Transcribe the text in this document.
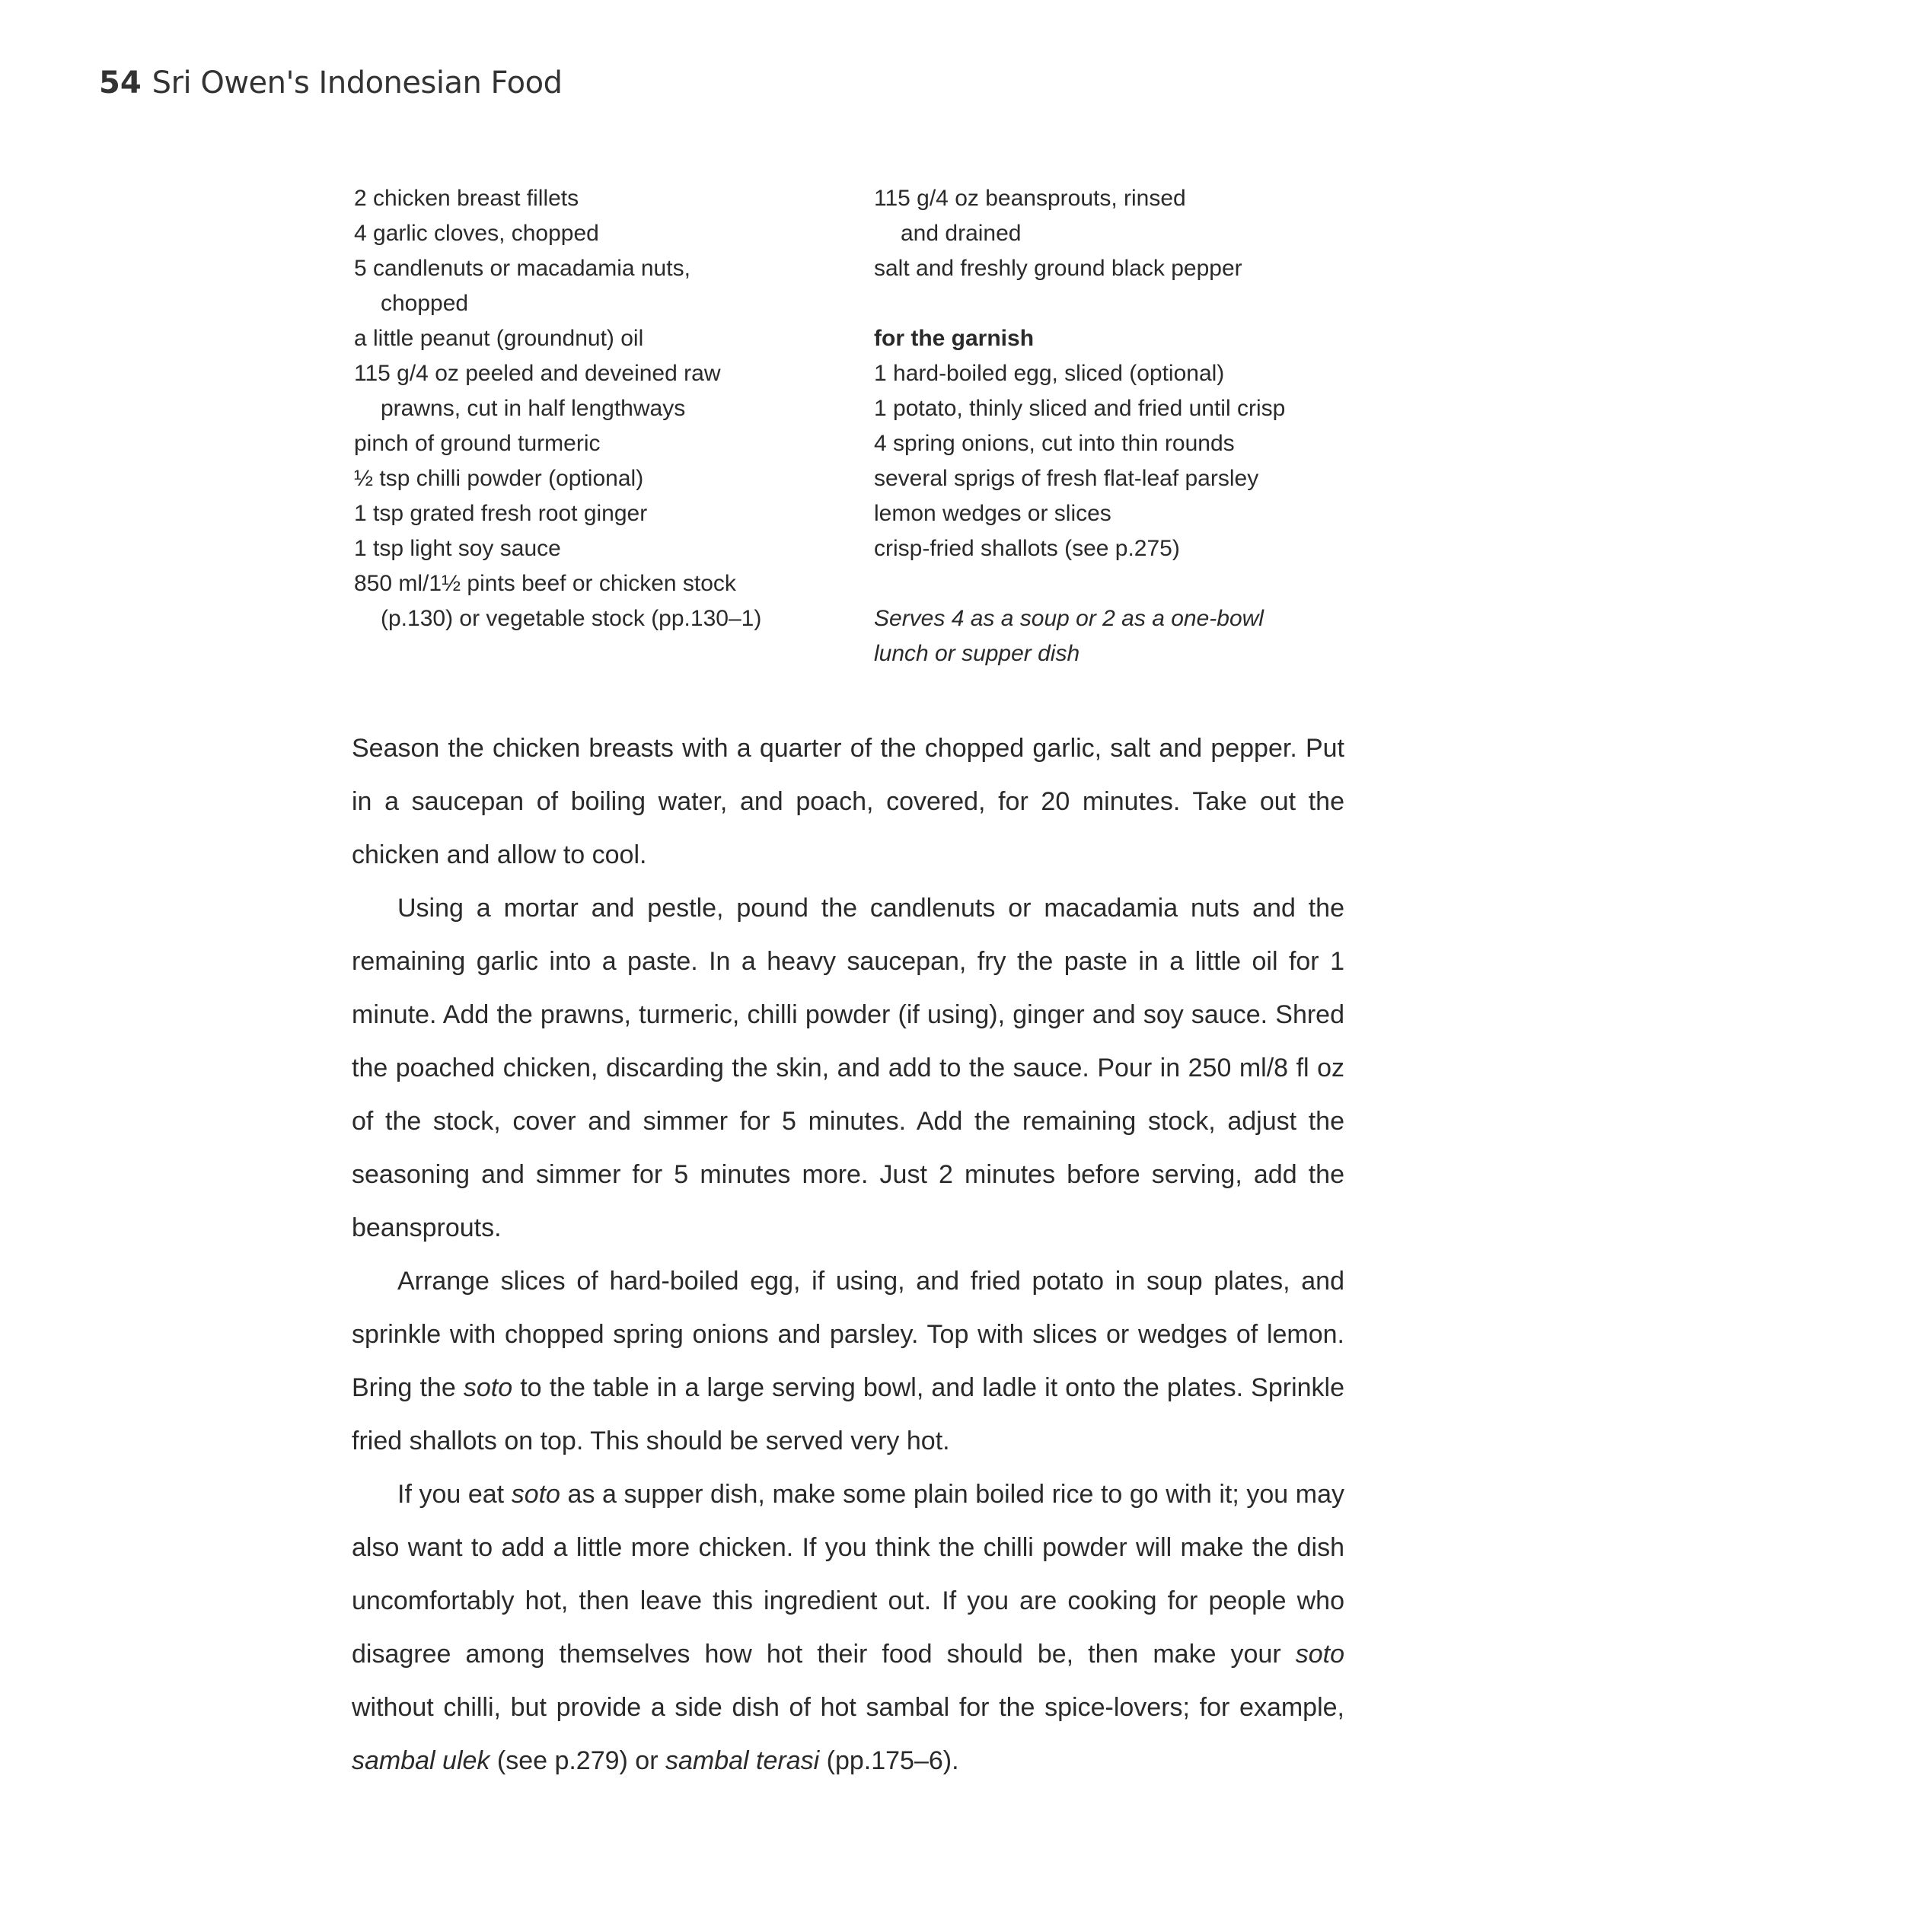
54 Sri Owen's Indonesian Food
2 chicken breast fillets
4 garlic cloves, chopped
5 candlenuts or macadamia nuts,
chopped
a little peanut (groundnut) oil
115 g/4 oz peeled and deveined raw
prawns, cut in half lengthways
pinch of ground turmeric
½ tsp chilli powder (optional)
1 tsp grated fresh root ginger
1 tsp light soy sauce
850 ml/1½ pints beef or chicken stock
(p.130) or vegetable stock (pp.130–1)
115 g/4 oz beansprouts, rinsed
and drained
salt and freshly ground black pepper
for the garnish
1 hard-boiled egg, sliced (optional)
1 potato, thinly sliced and fried until crisp
4 spring onions, cut into thin rounds
several sprigs of fresh flat-leaf parsley
lemon wedges or slices
crisp-fried shallots (see p.275)
Serves 4 as a soup or 2 as a one-bowl
lunch or supper dish

Season the chicken breasts with a quarter of the chopped garlic, salt and pepper. Put in a saucepan of boiling water, and poach, covered, for 20 minutes. Take out the chicken and allow to cool.

Using a mortar and pestle, pound the candlenuts or macadamia nuts and the remaining garlic into a paste. In a heavy saucepan, fry the paste in a little oil for 1 minute. Add the prawns, turmeric, chilli powder (if using), ginger and soy sauce. Shred the poached chicken, discarding the skin, and add to the sauce. Pour in 250 ml/8 fl oz of the stock, cover and simmer for 5 minutes. Add the remaining stock, adjust the seasoning and simmer for 5 minutes more. Just 2 minutes before serving, add the beansprouts.

Arrange slices of hard-boiled egg, if using, and fried potato in soup plates, and sprinkle with chopped spring onions and parsley. Top with slices or wedges of lemon. Bring the soto to the table in a large serving bowl, and ladle it onto the plates. Sprinkle fried shallots on top. This should be served very hot.

If you eat soto as a supper dish, make some plain boiled rice to go with it; you may also want to add a little more chicken. If you think the chilli powder will make the dish uncomfortably hot, then leave this ingredient out. If you are cooking for people who disagree among themselves how hot their food should be, then make your soto without chilli, but provide a side dish of hot sambal for the spice-lovers; for example, sambal ulek (see p.279) or sambal terasi (pp.175–6).
